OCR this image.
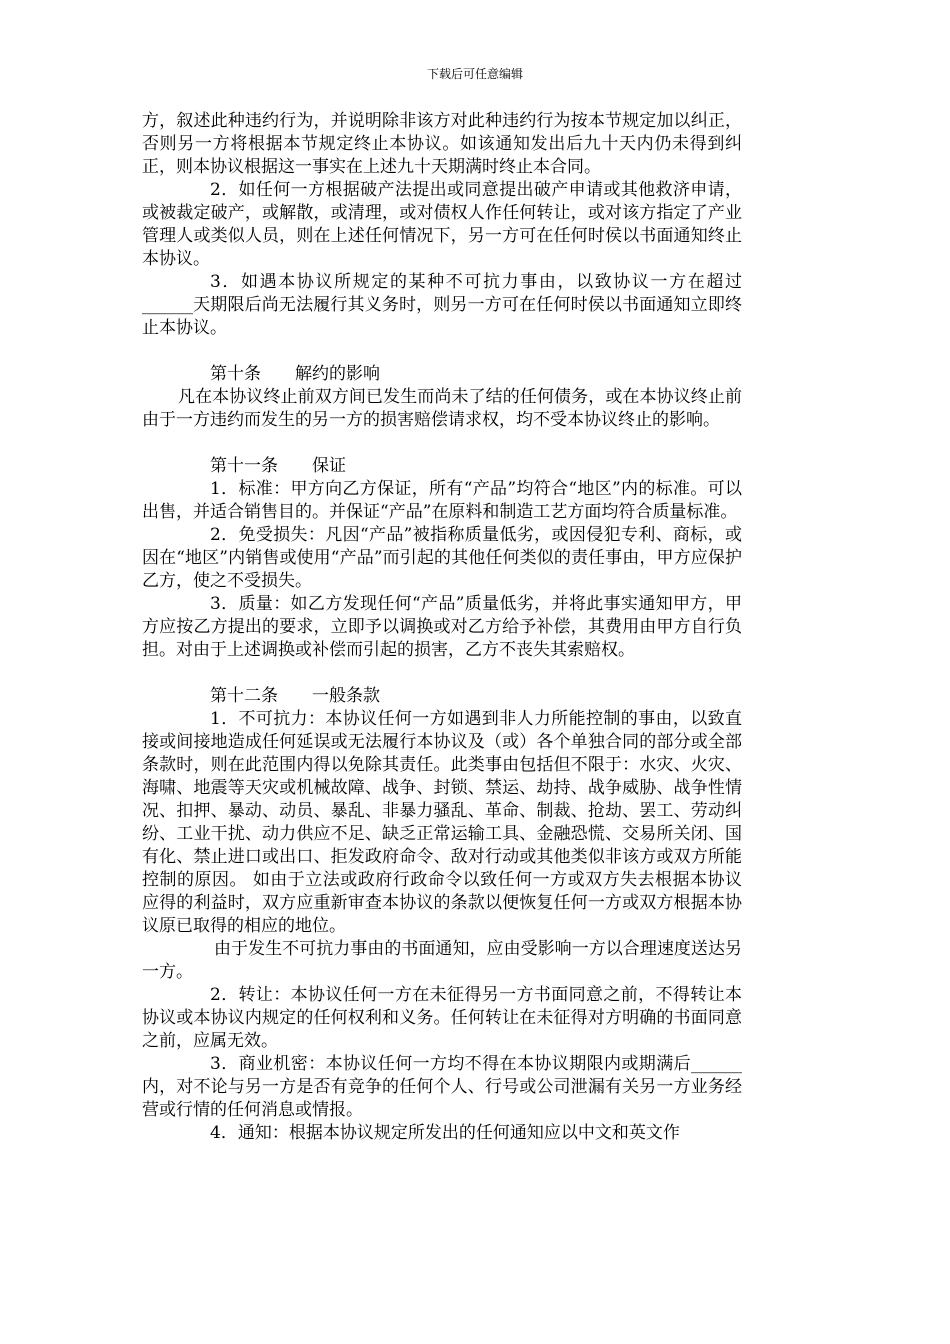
下载后可任意编辑

方，叙述此种违约行为，并说明除非该方对此种违约行为按本节规定加以纠正，否则另一方将根据本节规定终止本协议。如该通知发出后九十天内仍未得到纠正，则本协议根据这一事实在上述九十天期满时终止本合同。

2．如任何一方根据破产法提出或同意提出破产申请或其他救济申请，或被裁定破产，或解散，或清理，或对债权人作任何转让，或对该方指定了产业管理人或类似人员，则在上述任何情况下，另一方可在任何时侯以书面通知终止本协议。

3．如遇本协议所规定的某种不可抗力事由，以致协议一方在超过______天期限后尚无法履行其义务时，则另一方可在任何时侯以书面通知立即终止本协议。

第十条 解约的影响

凡在本协议终止前双方间已发生而尚未了结的任何债务，或在本协议终止前由于一方违约而发生的另一方的损害赔偿请求权，均不受本协议终止的影响。

第十一条 保证

1．标准：甲方向乙方保证，所有“产品”均符合“地区”内的标准。可以出售，并适合销售目的。并保证“产品”在原料和制造工艺方面均符合质量标准。

2．免受损失：凡因“产品”被指称质量低劣，或因侵犯专利、商标，或因在“地区”内销售或使用“产品”而引起的其他任何类似的责任事由，甲方应保护乙方，使之不受损失。

3．质量：如乙方发现任何“产品”质量低劣，并将此事实通知甲方，甲方应按乙方提出的要求，立即予以调换或对乙方给予补偿，其费用由甲方自行负担。对由于上述调换或补偿而引起的损害，乙方不丧失其索赔权。

第十二条 一般条款

1．不可抗力：本协议任何一方如遇到非人力所能控制的事由，以致直接或间接地造成任何延误或无法履行本协议及（或）各个单独合同的部分或全部条款时，则在此范围内得以免除其责任。此类事由包括但不限于：水灾、火灾、海啸、地震等天灾或机械故障、战争、封锁、禁运、劫持、战争威胁、战争性情况、扣押、暴动、动员、暴乱、非暴力骚乱、革命、制裁、抢劫、罢工、劳动纠纷、工业干扰、动力供应不足、缺乏正常运输工具、金融恐慌、交易所关闭、国有化、禁止进口或出口、拒发政府命令、敌对行动或其他类似非该方或双方所能控制的原因。 如由于立法或政府行政命令以致任何一方或双方失去根据本协议应得的利益时，双方应重新审查本协议的条款以便恢复任何一方或双方根据本协议原已取得的相应的地位。

由于发生不可抗力事由的书面通知，应由受影响一方以合理速度送达另一方。

2．转让：本协议任何一方在未征得另一方书面同意之前，不得转让本协议或本协议内规定的任何权利和义务。任何转让在未征得对方明确的书面同意之前，应属无效。

3．商业机密：本协议任何一方均不得在本协议期限内或期满后______内，对不论与另一方是否有竞争的任何个人、行号或公司泄漏有关另一方业务经营或行情的任何消息或情报。

4．通知：根据本协议规定所发出的任何通知应以中文和英文作
